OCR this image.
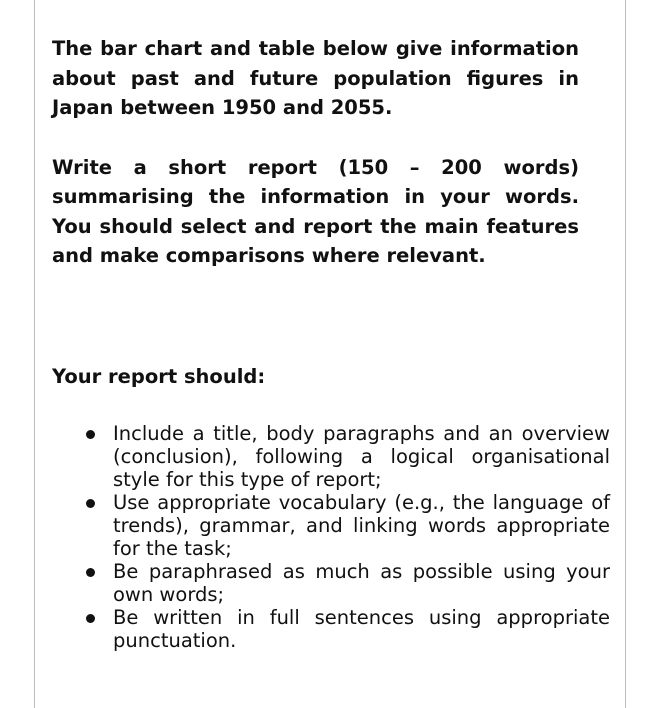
The bar chart and table below give information about past and future population figures in Japan between 1950 and 2055.

Write a short report (150 – 200 words) summarising the information in your words. You should select and report the main features and make comparisons where relevant.

Your report should:

Include a title, body paragraphs and an overview (conclusion), following a logical organisational style for this type of report;
Use appropriate vocabulary (e.g., the language of trends), grammar, and linking words appropriate for the task;
Be paraphrased as much as possible using your own words;
Be written in full sentences using appropriate punctuation.
